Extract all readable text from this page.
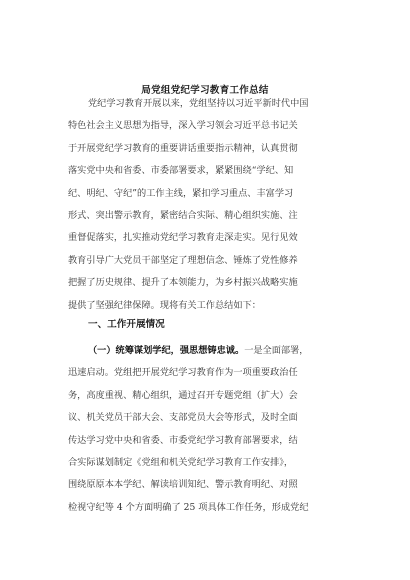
局党组党纪学习教育工作总结
党纪学习教育开展以来，党组坚持以习近平新时代中国
特色社会主义思想为指导，深入学习领会习近平总书记关
于开展党纪学习教育的重要讲话重要指示精神，认真贯彻
落实党中央和省委、市委部署要求，紧紧围绕“学纪、知
纪、明纪、守纪”的工作主线，紧扣学习重点、丰富学习
形式、突出警示教育，紧密结合实际、精心组织实施、注
重督促落实，扎实推动党纪学习教育走深走实。见行见效
教育引导广大党员干部坚定了理想信念、锤炼了党性修养
把握了历史规律、提升了本领能力，为乡村振兴战略实施
提供了坚强纪律保障。现将有关工作总结如下：
一、工作开展情况
（一）统筹谋划学纪，强思想铸忠诚。一是全面部署，
迅速启动。党组把开展党纪学习教育作为一项重要政治任
务，高度重视、精心组织，通过召开专题党组（扩大）会
议、机关党员干部大会、支部党员大会等形式，及时全面
传达学习党中央和省委、市委党纪学习教育部署要求，结
合实际谋划制定《党组和机关党纪学习教育工作安排》，
围绕原原本本学纪、解读培训知纪、警示教育明纪、对照
检视守纪等 4 个方面明确了 25 项具体工作任务，形成党纪
